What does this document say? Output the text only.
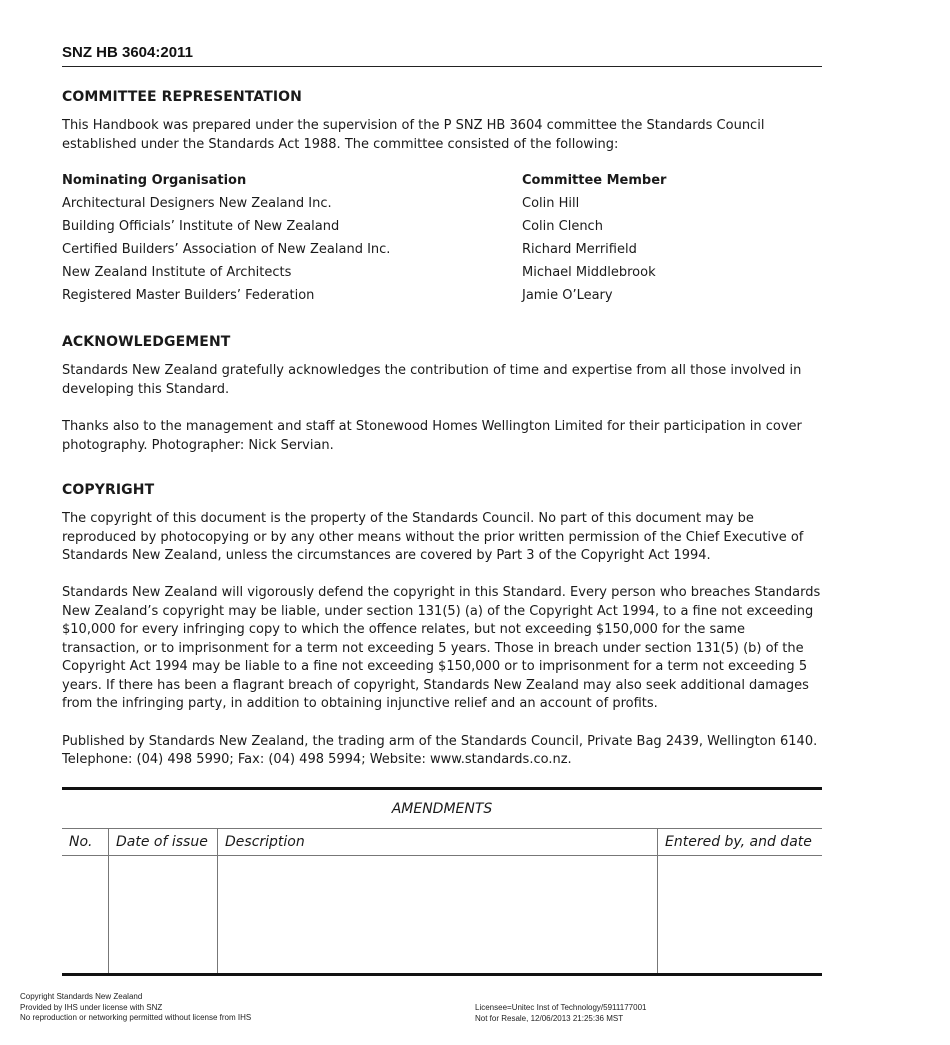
SNZ HB 3604:2011
COMMITTEE REPRESENTATION

This Handbook was prepared under the supervision of the P SNZ HB 3604 committee the Standards Council established under the Standards Act 1988. The committee consisted of the following:

Nominating Organisation	Committee Member
Architectural Designers New Zealand Inc.	Colin Hill
Building Officials’ Institute of New Zealand	Colin Clench
Certified Builders’ Association of New Zealand Inc.	Richard Merrifield
New Zealand Institute of Architects	Michael Middlebrook
Registered Master Builders’ Federation	Jamie O’Leary
ACKNOWLEDGEMENT

Standards New Zealand gratefully acknowledges the contribution of time and expertise from all those involved in developing this Standard.

Thanks also to the management and staff at Stonewood Homes Wellington Limited for their participation in cover photography. Photographer: Nick Servian.

COPYRIGHT

The copyright of this document is the property of the Standards Council. No part of this document may be reproduced by photocopying or by any other means without the prior written permission of the Chief Executive of Standards New Zealand, unless the circumstances are covered by Part 3 of the Copyright Act 1994.

Standards New Zealand will vigorously defend the copyright in this Standard. Every person who breaches Standards New Zealand’s copyright may be liable, under section 131(5) (a) of the Copyright Act 1994, to a fine not exceeding $10,000 for every infringing copy to which the offence relates, but not exceeding $150,000 for the same transaction, or to imprisonment for a term not exceeding 5 years. Those in breach under section 131(5) (b) of the Copyright Act 1994 may be liable to a fine not exceeding $150,000 or to imprisonment for a term not exceeding 5 years. If there has been a flagrant breach of copyright, Standards New Zealand may also seek additional damages from the infringing party, in addition to obtaining injunctive relief and an account of profits.

Published by Standards New Zealand, the trading arm of the Standards Council, Private Bag 2439, Wellington 6140.

Telephone: (04) 498 5990; Fax: (04) 498 5994; Website: www.standards.co.nz.

AMENDMENTS
No.	Date of issue	Description	Entered by, and date
Copyright Standards New Zealand
Provided by IHS under license with SNZ
No reproduction or networking permitted without license from IHS
Licensee=Unitec Inst of Technology/5911177001
Not for Resale, 12/06/2013 21:25:36 MST
